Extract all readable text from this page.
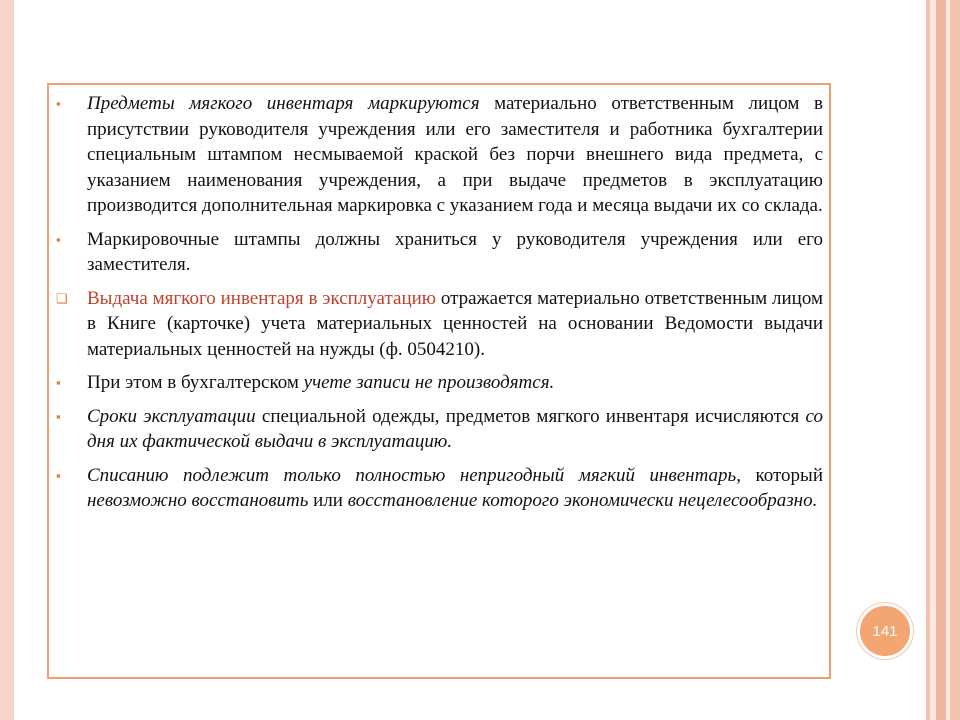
▪ Предметы мягкого инвентаря маркируются материально ответственным лицом в присутствии руководителя учреждения или его заместителя и работника бухгалтерии специальным штампом несмываемой краской без порчи внешнего вида предмета, с указанием наименования учреждения, а при выдаче предметов в эксплуатацию производится дополнительная маркировка с указанием года и месяца выдачи их со склада.
▪ Маркировочные штампы должны храниться у руководителя учреждения или его заместителя.
❑ Выдача мягкого инвентаря в эксплуатацию отражается материально ответственным лицом в Книге (карточке) учета материальных ценностей на основании Ведомости выдачи материальных ценностей на нужды (ф. 0504210).
▪ При этом в бухгалтерском учете записи не производятся.
▪ Сроки эксплуатации специальной одежды, предметов мягкого инвентаря исчисляются со дня их фактической выдачи в эксплуатацию.
▪ Списанию подлежит только полностью непригодный мягкий инвентарь, который невозможно восстановить или восстановление которого экономически нецелесообразно.
141
